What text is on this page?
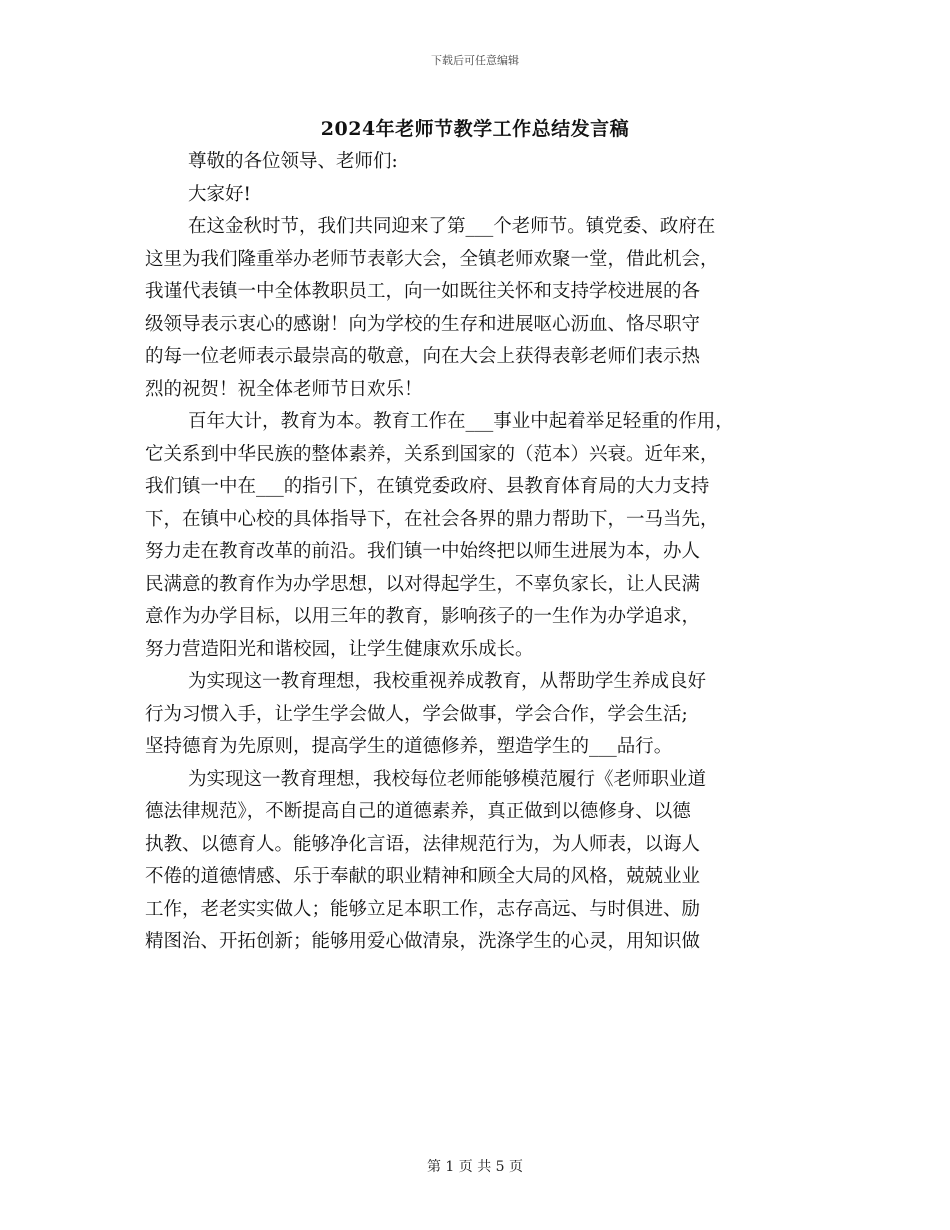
下载后可任意编辑
2024年老师节教学工作总结发言稿
尊敬的各位领导、老师们:
大家好!
在这金秋时节，我们共同迎来了第___个老师节。镇党委、政府在
这里为我们隆重举办老师节表彰大会，全镇老师欢聚一堂，借此机会，
我谨代表镇一中全体教职员工，向一如既往关怀和支持学校进展的各
级领导表示衷心的感谢！向为学校的生存和进展呕心沥血、恪尽职守
的每一位老师表示最崇高的敬意，向在大会上获得表彰老师们表示热
烈的祝贺！祝全体老师节日欢乐！
百年大计，教育为本。教育工作在___事业中起着举足轻重的作用，
它关系到中华民族的整体素养，关系到国家的（范本）兴衰。近年来，
我们镇一中在___的指引下，在镇党委政府、县教育体育局的大力支持
下，在镇中心校的具体指导下，在社会各界的鼎力帮助下，一马当先，
努力走在教育改革的前沿。我们镇一中始终把以师生进展为本，办人
民满意的教育作为办学思想，以对得起学生，不辜负家长，让人民满
意作为办学目标，以用三年的教育，影响孩子的一生作为办学追求，
努力营造阳光和谐校园，让学生健康欢乐成长。
为实现这一教育理想，我校重视养成教育，从帮助学生养成良好
行为习惯入手，让学生学会做人，学会做事，学会合作，学会生活;
坚持德育为先原则，提高学生的道德修养，塑造学生的___品行。
为实现这一教育理想，我校每位老师能够模范履行《老师职业道
德法律规范》，不断提高自己的道德素养，真正做到以德修身、以德
执教、以德育人。能够净化言语，法律规范行为，为人师表，以诲人
不倦的道德情感、乐于奉献的职业精神和顾全大局的风格，兢兢业业
工作，老老实实做人；能够立足本职工作，志存高远、与时俱进、励
精图治、开拓创新；能够用爱心做清泉，洗涤学生的心灵，用知识做
第 1 页 共 5 页
